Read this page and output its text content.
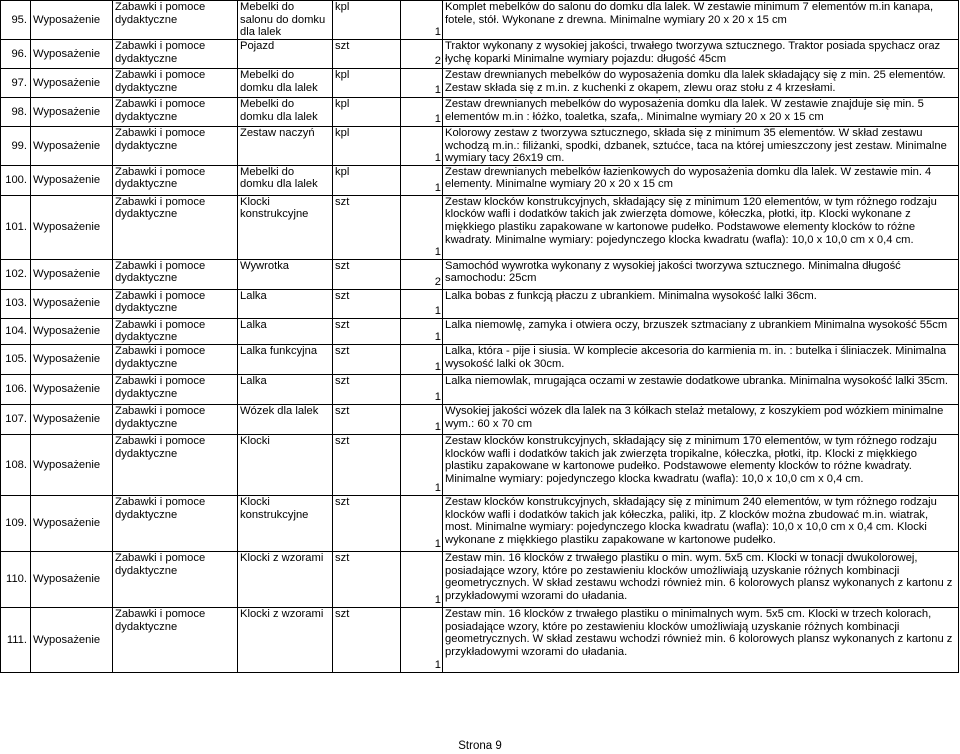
95.	Wyposażenie	Zabawki i pomoce dydaktyczne	Mebelki do salonu do domku dla lalek	kpl	1	Komplet mebelków do salonu do domku dla lalek. W zestawie minimum 7 elementów m.in kanapa, fotele, stół. Wykonane z drewna. Minimalne wymiary 20 x 20 x 15 cm
96.	Wyposażenie	Zabawki i pomoce dydaktyczne	Pojazd	szt	2	Traktor wykonany z wysokiej jakości, trwałego tworzywa sztucznego. Traktor posiada spychacz oraz łychę koparki Minimalne wymiary pojazdu: długość 45cm
97.	Wyposażenie	Zabawki i pomoce dydaktyczne	Mebelki do domku dla lalek	kpl	1	Zestaw drewnianych mebelków do wyposażenia domku dla lalek składający się z min. 25 elementów. Zestaw składa się z m.in. z kuchenki z okapem, zlewu oraz stołu z 4 krzesłami.
98.	Wyposażenie	Zabawki i pomoce dydaktyczne	Mebelki do domku dla lalek	kpl	1	Zestaw drewnianych mebelków do wyposażenia domku dla lalek. W zestawie znajduje się min. 5 elementów m.in : łóżko, toaletka, szafa,. Minimalne wymiary 20 x 20 x 15 cm
99.	Wyposażenie	Zabawki i pomoce dydaktyczne	Zestaw naczyń	kpl	1	Kolorowy zestaw z tworzywa sztucznego, składa się z minimum 35 elementów. W skład zestawu wchodzą m.in.: filiżanki, spodki, dzbanek, sztućce, taca na której umieszczony jest zestaw. Minimalne wymiary tacy 26x19 cm.
100.	Wyposażenie	Zabawki i pomoce dydaktyczne	Mebelki do domku dla lalek	kpl	1	Zestaw drewnianych mebelków łazienkowych do wyposażenia domku dla lalek. W zestawie min. 4 elementy. Minimalne wymiary 20 x 20 x 15 cm
101.	Wyposażenie	Zabawki i pomoce dydaktyczne	Klocki konstrukcyjne	szt	1	Zestaw klocków konstrukcyjnych, składający się z minimum 120 elementów, w tym różnego rodzaju klocków wafli i dodatków takich jak zwierzęta domowe, kółeczka, płotki, itp. Klocki wykonane z miękkiego plastiku zapakowane w kartonowe pudełko. Podstawowe elementy klocków to różne kwadraty. Minimalne wymiary: pojedynczego klocka kwadratu (wafla): 10,0 x 10,0 cm x 0,4 cm.
102.	Wyposażenie	Zabawki i pomoce dydaktyczne	Wywrotka	szt	2	Samochód wywrotka wykonany z wysokiej jakości tworzywa sztucznego. Minimalna długość samochodu: 25cm
103.	Wyposażenie	Zabawki i pomoce dydaktyczne	Lalka	szt	1	Lalka bobas z funkcją płaczu z ubrankiem. Minimalna wysokość lalki 36cm.
104.	Wyposażenie	Zabawki i pomoce dydaktyczne	Lalka	szt	1	Lalka niemowlę, zamyka i otwiera oczy, brzuszek sztmaciany z ubrankiem Minimalna wysokość 55cm
105.	Wyposażenie	Zabawki i pomoce dydaktyczne	Lalka funkcyjna	szt	1	Lalka, która - pije i siusia. W komplecie akcesoria do karmienia m. in. : butelka i śliniaczek. Minimalna wysokość lalki ok 30cm.
106.	Wyposażenie	Zabawki i pomoce dydaktyczne	Lalka	szt	1	Lalka niemowlak, mrugająca oczami w zestawie dodatkowe ubranka. Minimalna wysokość lalki 35cm.
107.	Wyposażenie	Zabawki i pomoce dydaktyczne	Wózek dla lalek	szt	1	Wysokiej jakości wózek dla lalek na 3 kółkach stelaż metalowy, z koszykiem pod wózkiem minimalne wym.: 60 x 70 cm
108.	Wyposażenie	Zabawki i pomoce dydaktyczne	Klocki	szt	1	Zestaw klocków konstrukcyjnych, składający się z minimum 170 elementów, w tym różnego rodzaju klocków wafli i dodatków takich jak zwierzęta tropikalne, kółeczka, płotki, itp. Klocki z miękkiego plastiku zapakowane w kartonowe pudełko. Podstawowe elementy klocków to różne kwadraty. Minimalne wymiary: pojedynczego klocka kwadratu (wafla): 10,0 x 10,0 cm x 0,4 cm.
109.	Wyposażenie	Zabawki i pomoce dydaktyczne	Klocki konstrukcyjne	szt	1	Zestaw klocków konstrukcyjnych, składający się z minimum 240 elementów, w tym różnego rodzaju klocków wafli i dodatków takich jak kółeczka, paliki, itp. Z klocków można zbudować m.in. wiatrak, most. Minimalne wymiary: pojedynczego klocka kwadratu (wafla): 10,0 x 10,0 cm x 0,4 cm. Klocki wykonane z miękkiego plastiku zapakowane w kartonowe pudełko.
110.	Wyposażenie	Zabawki i pomoce dydaktyczne	Klocki z wzorami	szt	1	Zestaw min. 16 klocków z trwałego plastiku o min. wym. 5x5 cm. Klocki w tonacji dwukolorowej, posiadające wzory, które po zestawieniu klocków umożliwiają uzyskanie różnych kombinacji geometrycznych. W skład zestawu wchodzi również min. 6 kolorowych plansz wykonanych z kartonu z przykładowymi wzorami do uładania.
111.	Wyposażenie	Zabawki i pomoce dydaktyczne	Klocki z wzorami	szt	1	Zestaw min. 16 klocków z trwałego plastiku o minimalnych wym. 5x5 cm. Klocki w trzech kolorach, posiadające wzory, które po zestawieniu klocków umożliwiają uzyskanie różnych kombinacji geometrycznych. W skład zestawu wchodzi również min. 6 kolorowych plansz wykonanych z kartonu z przykładowymi wzorami do uładania.
Strona 9
